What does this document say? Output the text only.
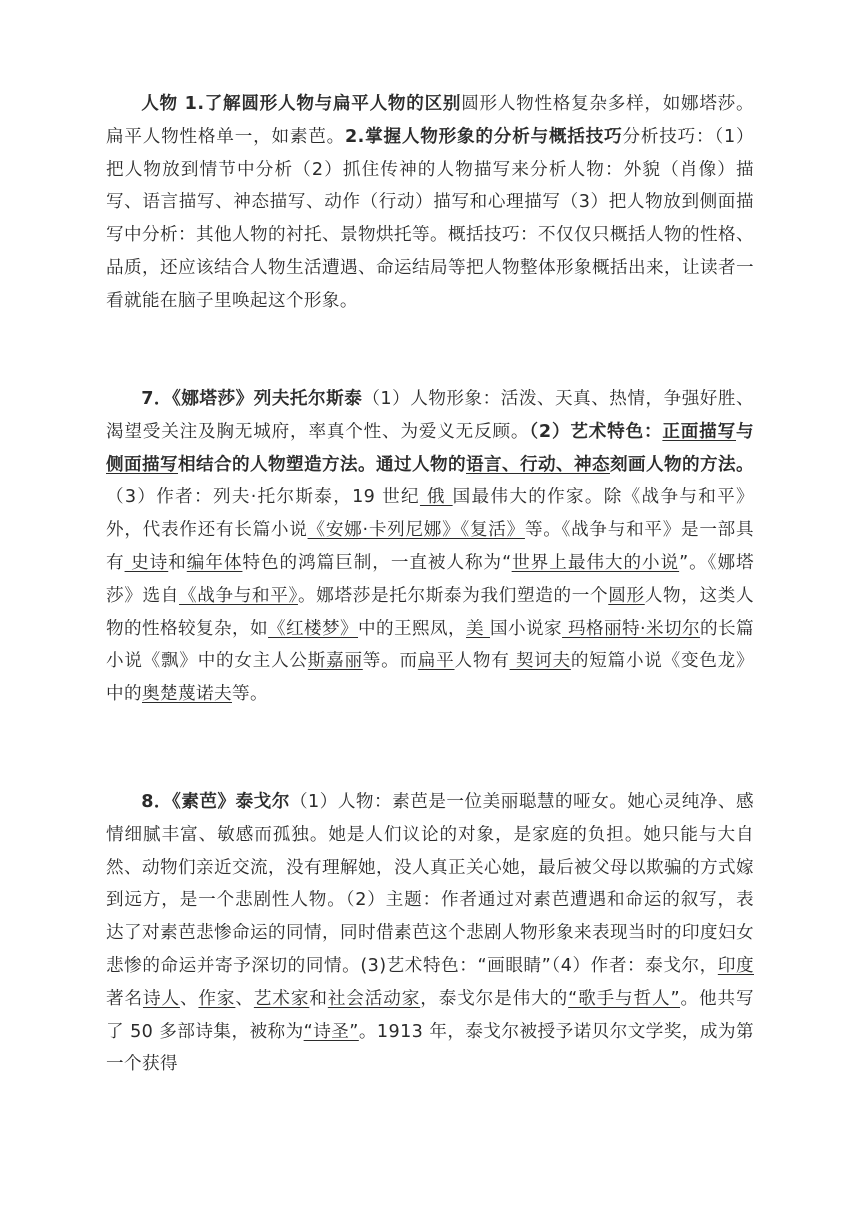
人物 1.了解圆形人物与扁平人物的区别圆形人物性格复杂多样，如娜塔莎。扁平人物性格单一，如素芭。2.掌握人物形象的分析与概括技巧分析技巧：（1）把人物放到情节中分析（2）抓住传神的人物描写来分析人物：外貌（肖像）描写、语言描写、神态描写、动作（行动）描写和心理描写（3）把人物放到侧面描写中分析：其他人物的衬托、景物烘托等。概括技巧：不仅仅只概括人物的性格、品质，还应该结合人物生活遭遇、命运结局等把人物整体形象概括出来，让读者一看就能在脑子里唤起这个形象。

7．《娜塔莎》列夫托尔斯泰（1）人物形象：活泼、天真、热情，争强好胜、渴望受关注及胸无城府，率真个性、为爱义无反顾。（2）艺术特色：正面描写与侧面描写相结合的人物塑造方法。通过人物的语言、行动、神态刻画人物的方法。（3）作者：列夫·托尔斯泰，19 世纪 俄 国最伟大的作家。除《战争与和平》外，代表作还有长篇小说《安娜·卡列尼娜》《复活》等。《战争与和平》是一部具有 史诗和编年体特色的鸿篇巨制，一直被人称为“世界上最伟大的小说”。《娜塔莎》选自《战争与和平》。娜塔莎是托尔斯泰为我们塑造的一个圆形人物，这类人物的性格较复杂，如《红楼梦》中的王熙凤，美 国小说家 玛格丽特·米切尔的长篇小说《飘》中的女主人公斯嘉丽等。而扁平人物有 契诃夫的短篇小说《变色龙》中的奥楚蔑诺夫等。

8．《素芭》泰戈尔（1）人物：素芭是一位美丽聪慧的哑女。她心灵纯净、感情细腻丰富、敏感而孤独。她是人们议论的对象，是家庭的负担。她只能与大自然、动物们亲近交流，没有理解她，没人真正关心她，最后被父母以欺骗的方式嫁到远方，是一个悲剧性人物。（2）主题：作者通过对素芭遭遇和命运的叙写，表达了对素芭悲惨命运的同情，同时借素芭这个悲剧人物形象来表现当时的印度妇女悲惨的命运并寄予深切的同情。(3)艺术特色：“画眼睛”（4）作者：泰戈尔，印度著名诗人、作家、艺术家和社会活动家，泰戈尔是伟大的“歌手与哲人”。他共写了 50 多部诗集，被称为“诗圣”。1913 年，泰戈尔被授予诺贝尔文学奖，成为第一个获得
